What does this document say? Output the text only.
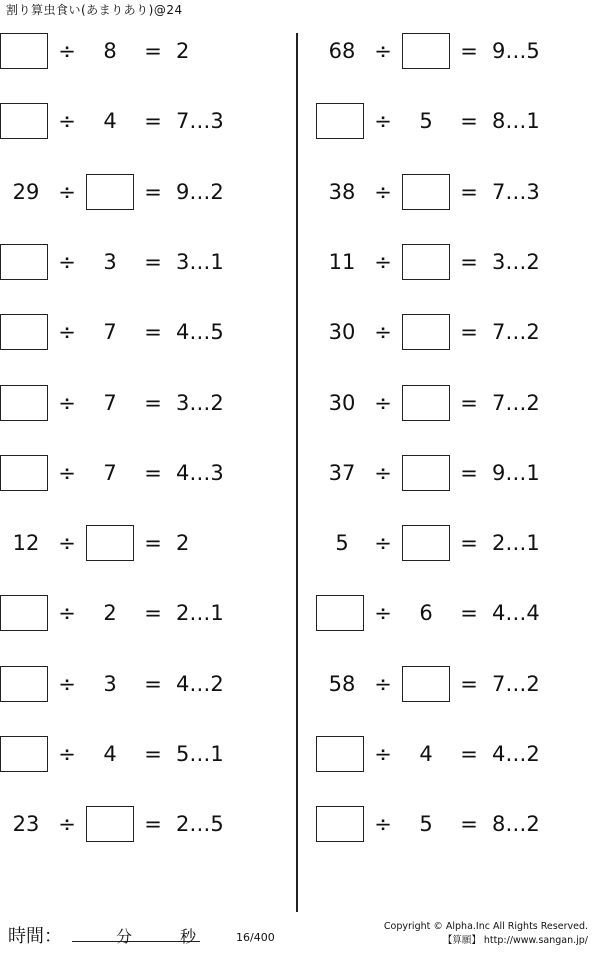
割り算虫食い(あまりあり)@24
÷	8	= 2
÷	4	= 7…3
29 ÷	= 9…2
÷	3	= 3…1
÷	7	= 4…5
÷	7	= 3…2
÷	7	= 4…3
12 ÷	= 2
÷	2	= 2…1
÷	3	= 4…2
÷	4	= 5…1
23 ÷	= 2…5
68 ÷	= 9…5
÷	5	= 8…1
38 ÷	= 7…3
11 ÷	= 3…2
30 ÷	= 7…2
30 ÷	= 7…2
37 ÷	= 9…1
5	÷	= 2…1
÷	6	= 4…4
58 ÷	= 7…2
÷	4	= 4…2
÷	5	= 8…2
時間：	分	秒	16/400
Copyright © Alpha.Inc All Rights Reserved.
【算願】 http://www.sangan.jp/
